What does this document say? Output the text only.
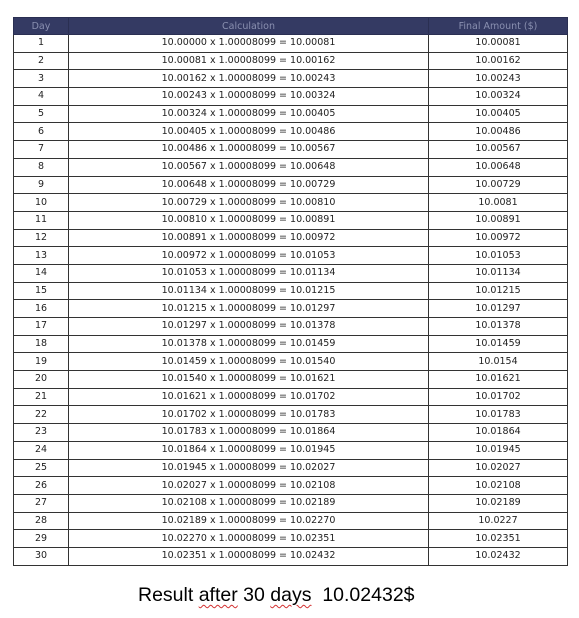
Day	Calculation	Final Amount ($)
1	10.00000 x 1.00008099 = 10.00081	10.00081
2	10.00081 x 1.00008099 = 10.00162	10.00162
3	10.00162 x 1.00008099 = 10.00243	10.00243
4	10.00243 x 1.00008099 = 10.00324	10.00324
5	10.00324 x 1.00008099 = 10.00405	10.00405
6	10.00405 x 1.00008099 = 10.00486	10.00486
7	10.00486 x 1.00008099 = 10.00567	10.00567
8	10.00567 x 1.00008099 = 10.00648	10.00648
9	10.00648 x 1.00008099 = 10.00729	10.00729
10	10.00729 x 1.00008099 = 10.00810	10.0081
11	10.00810 x 1.00008099 = 10.00891	10.00891
12	10.00891 x 1.00008099 = 10.00972	10.00972
13	10.00972 x 1.00008099 = 10.01053	10.01053
14	10.01053 x 1.00008099 = 10.01134	10.01134
15	10.01134 x 1.00008099 = 10.01215	10.01215
16	10.01215 x 1.00008099 = 10.01297	10.01297
17	10.01297 x 1.00008099 = 10.01378	10.01378
18	10.01378 x 1.00008099 = 10.01459	10.01459
19	10.01459 x 1.00008099 = 10.01540	10.0154
20	10.01540 x 1.00008099 = 10.01621	10.01621
21	10.01621 x 1.00008099 = 10.01702	10.01702
22	10.01702 x 1.00008099 = 10.01783	10.01783
23	10.01783 x 1.00008099 = 10.01864	10.01864
24	10.01864 x 1.00008099 = 10.01945	10.01945
25	10.01945 x 1.00008099 = 10.02027	10.02027
26	10.02027 x 1.00008099 = 10.02108	10.02108
27	10.02108 x 1.00008099 = 10.02189	10.02189
28	10.02189 x 1.00008099 = 10.02270	10.0227
29	10.02270 x 1.00008099 = 10.02351	10.02351
30	10.02351 x 1.00008099 = 10.02432	10.02432
Result after 30 days 10.02432$
